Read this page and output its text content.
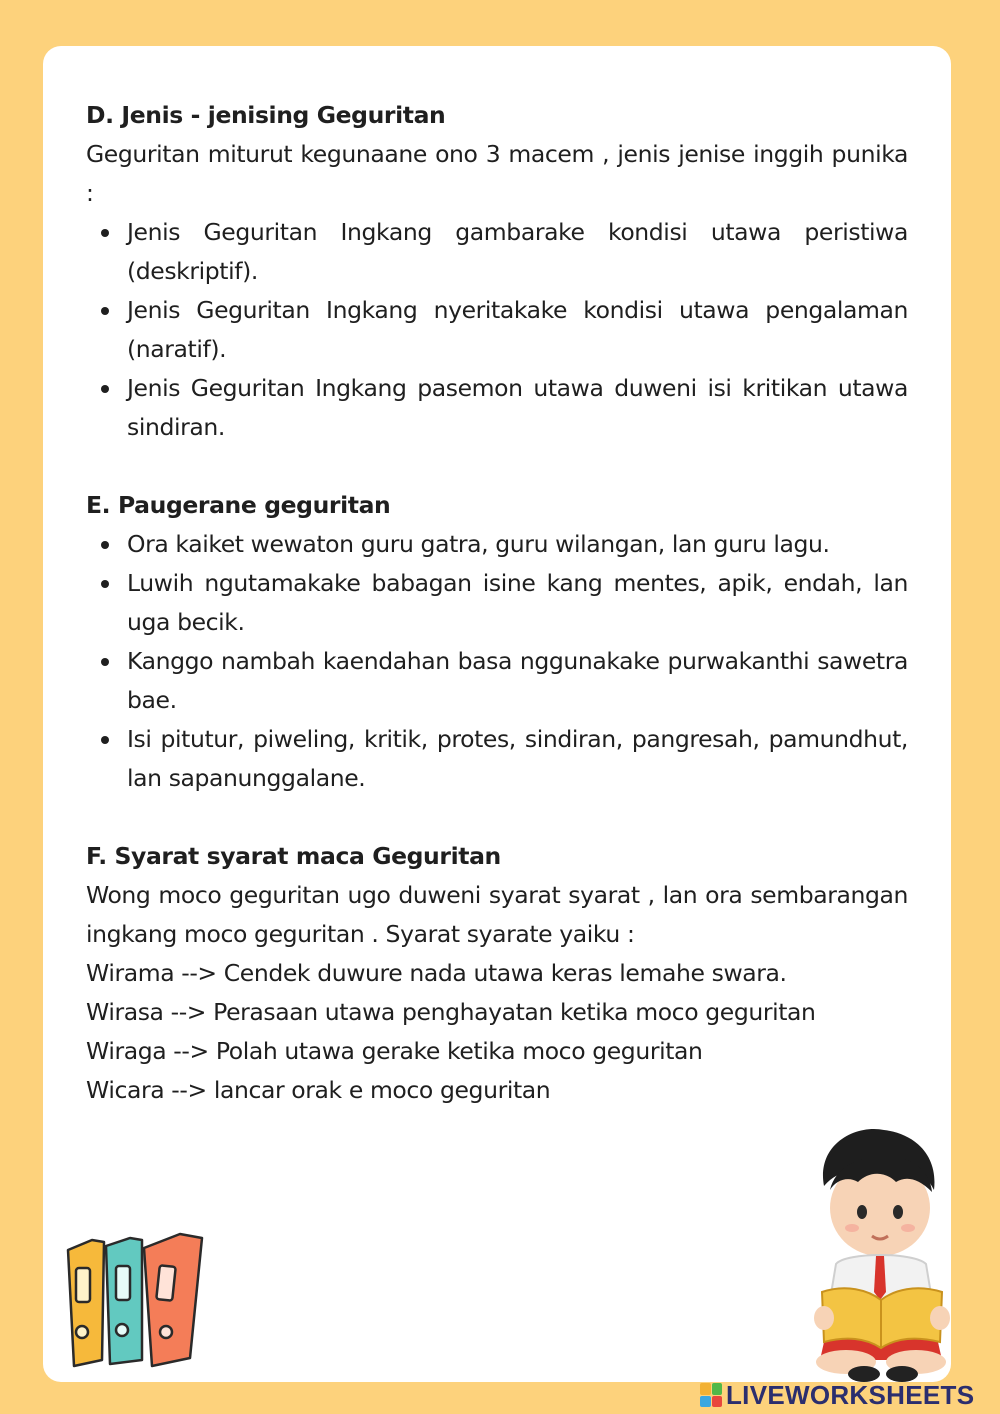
D. Jenis - jenising Geguritan

Geguritan miturut kegunaane ono 3 macem , jenis jenise inggih punika :

Jenis Geguritan Ingkang gambarake kondisi utawa peristiwa (deskriptif).
Jenis Geguritan Ingkang nyeritakake kondisi utawa pengalaman (naratif).
Jenis Geguritan Ingkang pasemon utawa duweni isi kritikan utawa sindiran.
E. Paugerane geguritan
Ora kaiket wewaton guru gatra, guru wilangan, lan guru lagu.
Luwih ngutamakake babagan isine kang mentes, apik, endah, lan uga becik.
Kanggo nambah kaendahan basa nggunakake purwakanthi sawetra bae.
Isi pitutur, piweling, kritik, protes, sindiran, pangresah, pamundhut, lan sapanunggalane.
F. Syarat syarat maca Geguritan

Wong moco geguritan ugo duweni syarat syarat , lan ora sembarangan ingkang moco geguritan . Syarat syarate yaiku :

Wirama --> Cendek duwure nada utawa keras lemahe swara.
Wirasa --> Perasaan utawa penghayatan ketika moco geguritan
Wiraga --> Polah utawa gerake ketika moco geguritan
Wicara --> lancar orak e moco geguritan
LIVEWORKSHEETS
